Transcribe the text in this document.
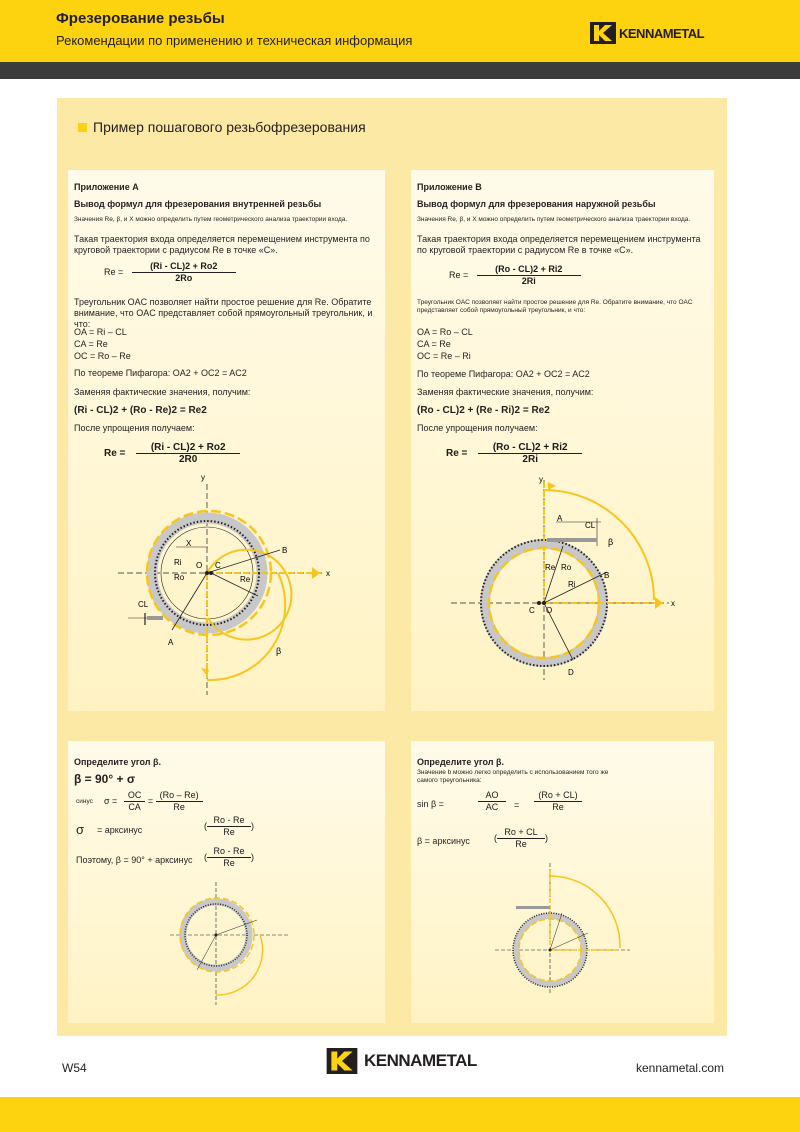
Фрезерование резьбы
Рекомендации по применению и техническая информация	KENNAMETAL
Пример пошагового резьбофрезерования
Приложение A
Вывод формул для фрезерования внутренней резьбы
Значения Re, β, и X можно определить путем геометрического анализа траектории входа.
Такая траектория входа определяется перемещением инструмента по круговой траектории с радиусом Re в точке «С».
$Re = \frac{(Ri - CL)2 + Ro2}{2Ro}$
Треугольник OAC позволяет найти простое решение для Re. Обратите внимание, что OAC представляет собой прямоугольный треугольник, и что:
OA = Ri – CL
CA = Re
OC = Ro – Re
По теореме Пифагора: OA2 + OC2 = AC2
Заменяя фактические значения, получим:
(Ri - CL)2 + (Ro - Re)2 = Re2
После упрощения получаем:
$Re = \frac{(Ri - CL)2 + Ro2}{2R0}$
y
x
X
Ri
Ro
O C
Re
B
CL
A
β
Приложение B
Вывод формул для фрезерования наружной резьбы
Значения Re, β, и X можно определить путем геометрического анализа траектории входа.
Такая траектория входа определяется перемещением инструмента по круговой траектории с радиусом Re в точке «С».
$Re = \frac{(Ro - CL)2 + Ri2}{2Ri}$
Треугольник OAC позволяет найти простое решение для Re. Обратите внимание, что OAC представляет собой прямоугольный треугольник, и что:
OA = Ro – CL
CA = Re
OC = Re – Ri
По теореме Пифагора: OA2 + OC2 = AC2
Заменяя фактические значения, получим:
(Ro - CL)2 + (Re - Ri)2 = Re2
После упрощения получаем:
$Re = \frac{(Ro - CL)2 + Ri2}{2Ri}$
y
x
A
CL
β
Re Ro
B
Ri
C O
D
Определите угол β.
β = 90° + σ
синус $\sigma = \frac{OC}{CA} = \frac{(Ro - Re)}{Re}$
σ = арксинус	( $\frac{Ro - Re}{Re}$ )
Поэтому, β = 90° + арксинус ( $\frac{Ro - Re}{Re}$ )
Определите угол β.
Значение b можно легко определить с использованием того же самого треугольника:
sin β =	$\frac{AO}{AC} = \frac{(Ro + CL)}{Re}$
β = арксинус	( $\frac{Ro + CL}{Re}$ )
W54	KENNAMETAL	kennametal.com
